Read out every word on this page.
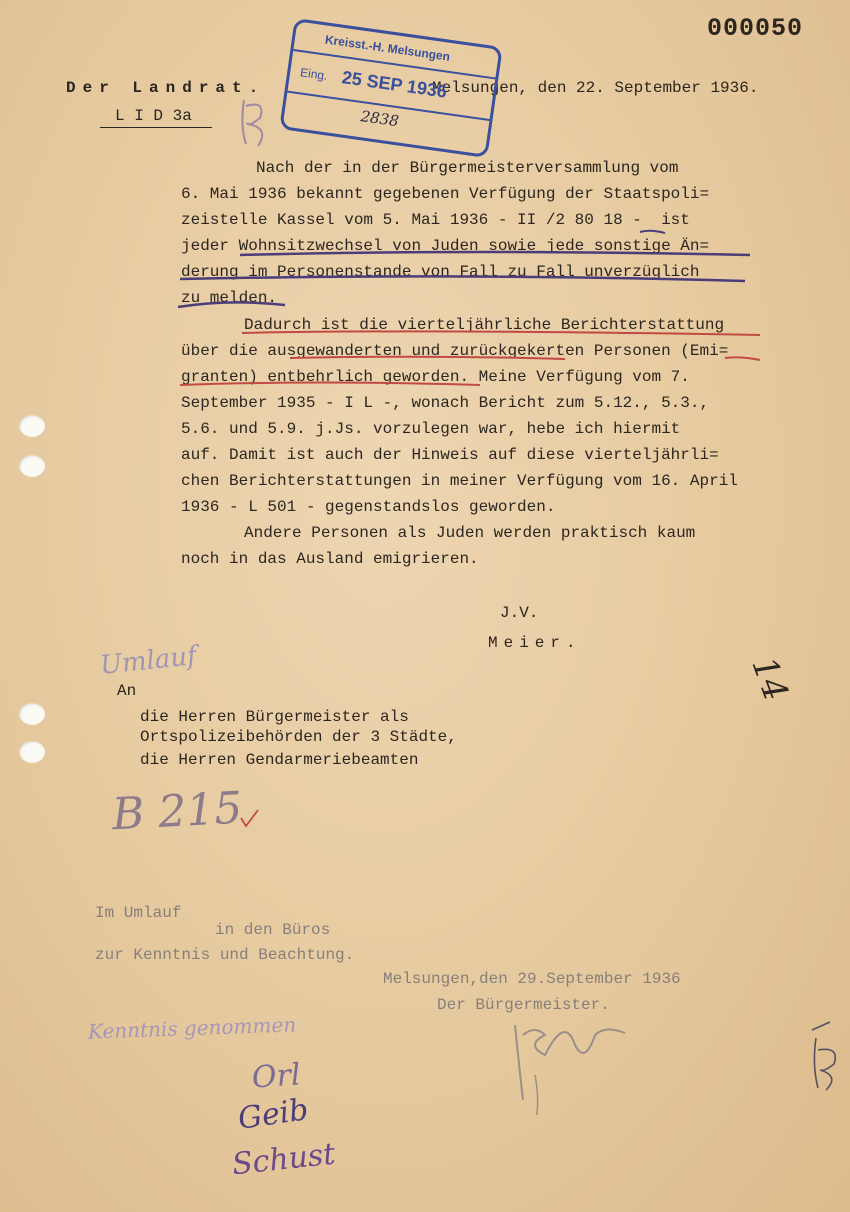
000050
Der Landrat.
L I D 3a
Melsungen, den 22. September 1936.
Kreisst.-H. Melsungen
Eing. 25 SEP 1936
2838
Nach der in der Bürgermeisterversammlung vom
6. Mai 1936 bekannt gegebenen Verfügung der Staatspoli=
zeistelle Kassel vom 5. Mai 1936 - II /2 80 18 -  ist
jeder Wohnsitzwechsel von Juden sowie jede sonstige Än=
derung im Personenstande von Fall zu Fall unverzüglich
zu melden.
Dadurch ist die vierteljährliche Berichterstattung
über die ausgewanderten und zurückgekerten Personen (Emi=
granten) entbehrlich geworden. Meine Verfügung vom 7.
September 1935 - I L -, wonach Bericht zum 5.12., 5.3.,
5.6. und 5.9. j.Js. vorzulegen war, hebe ich hiermit
auf. Damit ist auch der Hinweis auf diese vierteljährli=
chen Berichterstattungen in meiner Verfügung vom 16. April
1936 - L 501 - gegenstandslos geworden.
Andere Personen als Juden werden praktisch kaum
noch in das Ausland emigrieren.
J.V.
Meier.
Umlauf	14
An
die Herren Bürgermeister als
Ortspolizeibehörden der 3 Städte,
die Herren Gendarmeriebeamten
B 215
Im Umlauf
in den Büros
zur Kenntnis und Beachtung.
Melsungen,den 29.September 1936
Der Bürgermeister.
Kenntnis genommen
Orl
Geib
Schust
